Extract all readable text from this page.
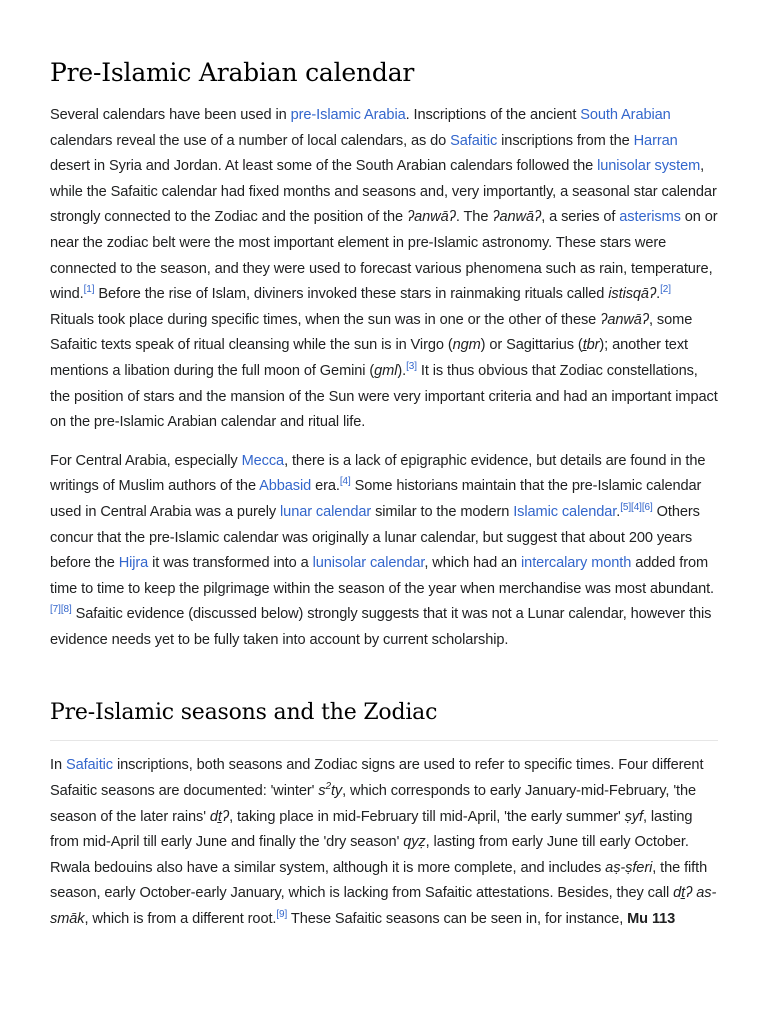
Pre-Islamic Arabian calendar

Several calendars have been used in pre-Islamic Arabia. Inscriptions of the ancient South Arabian calendars reveal the use of a number of local calendars, as do Safaitic inscriptions from the Harran desert in Syria and Jordan. At least some of the South Arabian calendars followed the lunisolar system, while the Safaitic calendar had fixed months and seasons and, very importantly, a seasonal star calendar strongly connected to the Zodiac and the position of the ʔanwāʔ. The ʔanwāʔ, a series of asterisms on or near the zodiac belt were the most important element in pre-Islamic astronomy. These stars were connected to the season, and they were used to forecast various phenomena such as rain, temperature, wind.[1] Before the rise of Islam, diviners invoked these stars in rainmaking rituals called istisqāʔ.[2] Rituals took place during specific times, when the sun was in one or the other of these ʔanwāʔ, some Safaitic texts speak of ritual cleansing while the sun is in Virgo (ngm) or Sagittarius (ṯbr); another text mentions a libation during the full moon of Gemini (gml).[3] It is thus obvious that Zodiac constellations, the position of stars and the mansion of the Sun were very important criteria and had an important impact on the pre-Islamic Arabian calendar and ritual life.

For Central Arabia, especially Mecca, there is a lack of epigraphic evidence, but details are found in the writings of Muslim authors of the Abbasid era.[4] Some historians maintain that the pre-Islamic calendar used in Central Arabia was a purely lunar calendar similar to the modern Islamic calendar.[5][4][6] Others concur that the pre-Islamic calendar was originally a lunar calendar, but suggest that about 200 years before the Hijra it was transformed into a lunisolar calendar, which had an intercalary month added from time to time to keep the pilgrimage within the season of the year when merchandise was most abundant.[7][8] Safaitic evidence (discussed below) strongly suggests that it was not a Lunar calendar, however this evidence needs yet to be fully taken into account by current scholarship.

Pre-Islamic seasons and the Zodiac

In Safaitic inscriptions, both seasons and Zodiac signs are used to refer to specific times. Four different Safaitic seasons are documented: 'winter' $s^2ty$, which corresponds to early January-mid-February, 'the season of the later rains' dṯʔ, taking place in mid-February till mid-April, 'the early summer' ṣyf, lasting from mid-April till early June and finally the 'dry season' qyẓ, lasting from early June till early October. Rwala bedouins also have a similar system, although it is more complete, and includes aṣ-ṣferi, the fifth season, early October-early January, which is lacking from Safaitic attestations. Besides, they call dṯʔ as-smāk, which is from a different root.[9] These Safaitic seasons can be seen in, for instance, Mu 113
